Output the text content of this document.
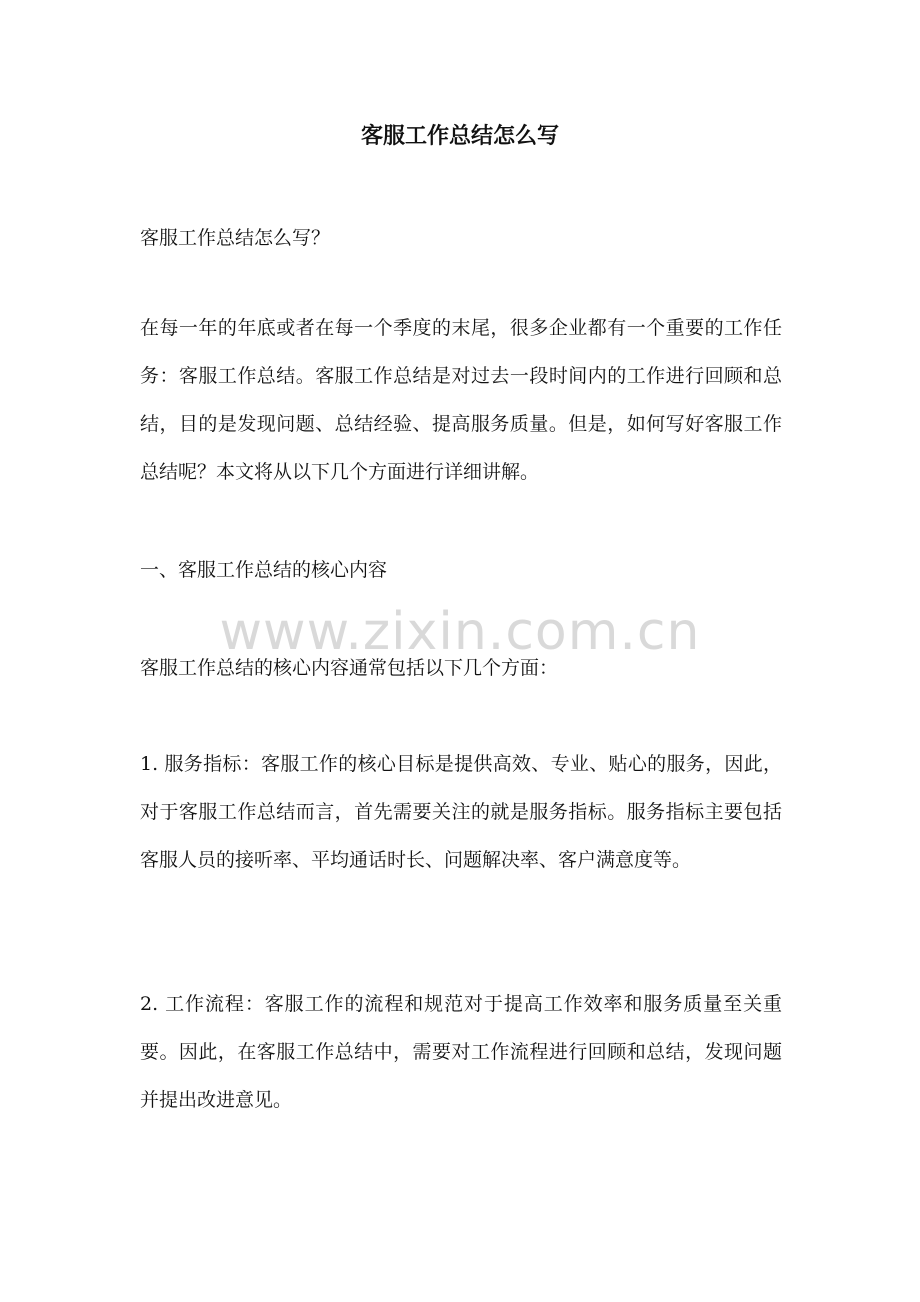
客服工作总结怎么写

客服工作总结怎么写？

在每一年的年底或者在每一个季度的末尾，很多企业都有一个重要的工作任务：客服工作总结。客服工作总结是对过去一段时间内的工作进行回顾和总结，目的是发现问题、总结经验、提高服务质量。但是，如何写好客服工作总结呢？本文将从以下几个方面进行详细讲解。

一、客服工作总结的核心内容

客服工作总结的核心内容通常包括以下几个方面：

1. 服务指标：客服工作的核心目标是提供高效、专业、贴心的服务，因此，对于客服工作总结而言，首先需要关注的就是服务指标。服务指标主要包括客服人员的接听率、平均通话时长、问题解决率、客户满意度等。

2. 工作流程：客服工作的流程和规范对于提高工作效率和服务质量至关重要。因此，在客服工作总结中，需要对工作流程进行回顾和总结，发现问题并提出改进意见。

www.zixin.com.cn
